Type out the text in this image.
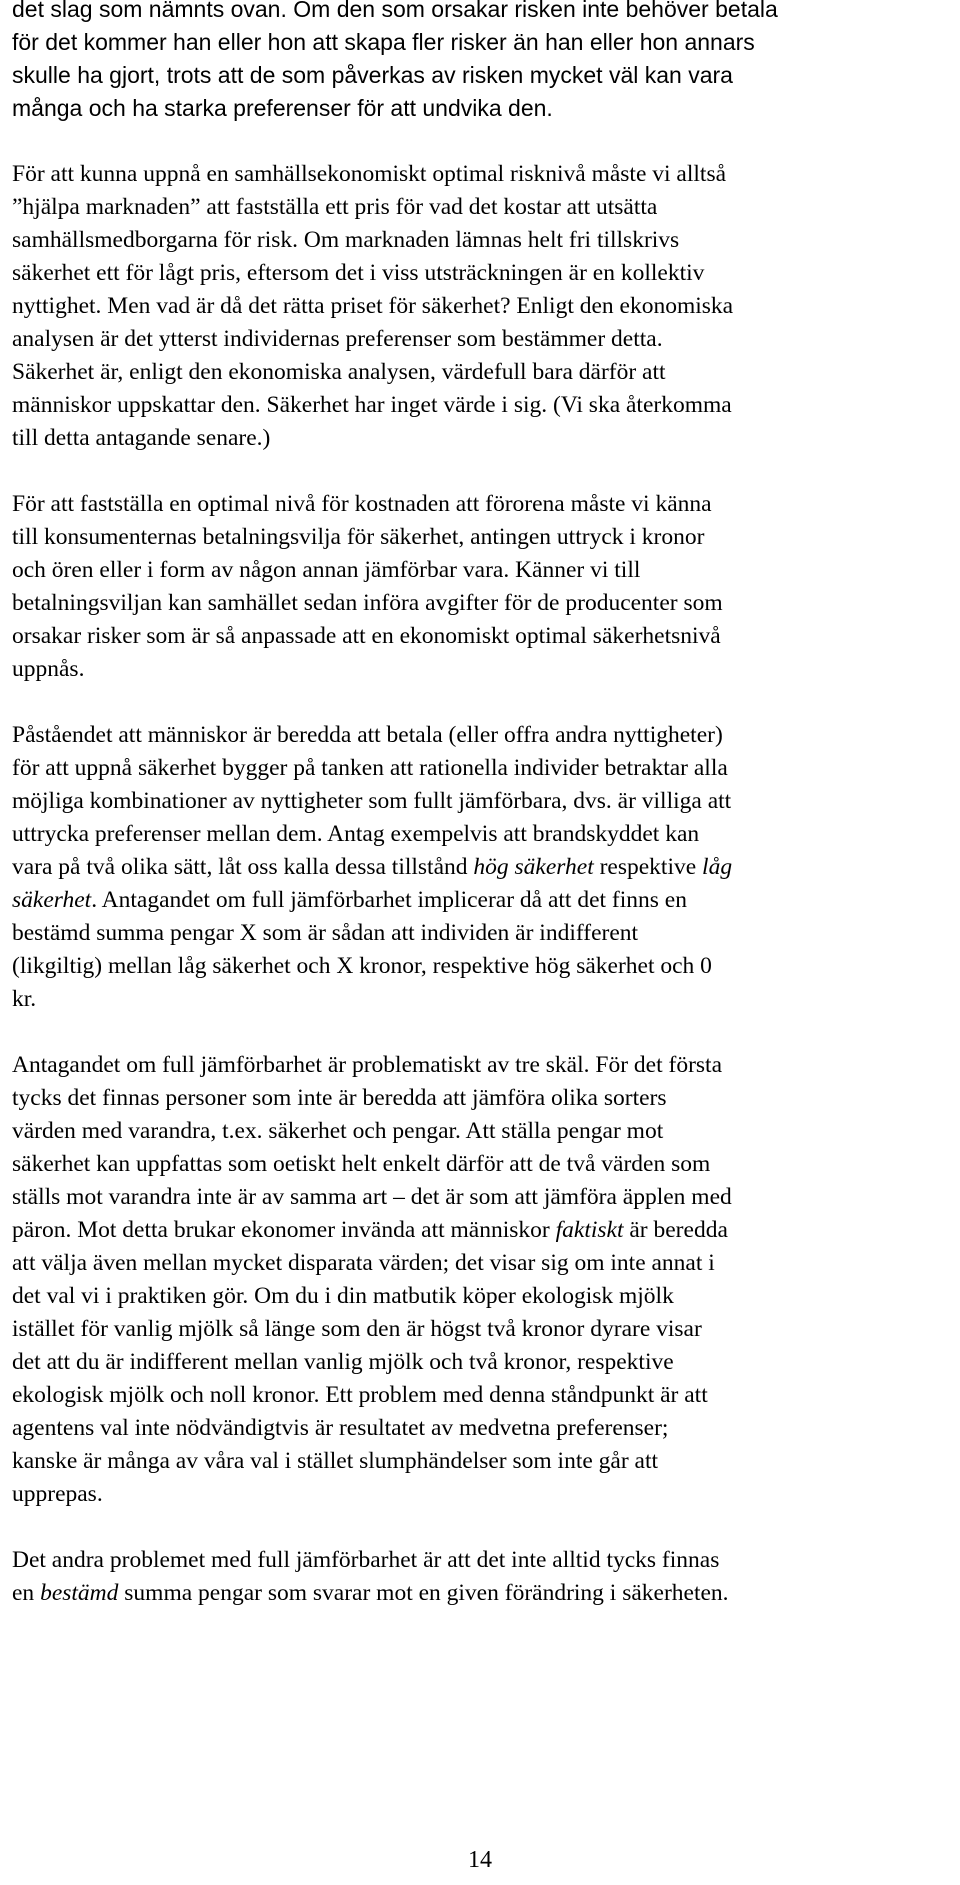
det slag som nämnts ovan. Om den som orsakar risken inte behöver betala
för det kommer han eller hon att skapa fler risker än han eller hon annars
skulle ha gjort, trots att de som påverkas av risken mycket väl kan vara
många och ha starka preferenser för att undvika den.

För att kunna uppnå en samhällsekonomiskt optimal risknivå måste vi alltså
”hjälpa marknaden” att fastställa ett pris för vad det kostar att utsätta
samhällsmedborgarna för risk. Om marknaden lämnas helt fri tillskrivs
säkerhet ett för lågt pris, eftersom det i viss utsträckningen är en kollektiv
nyttighet. Men vad är då det rätta priset för säkerhet? Enligt den ekonomiska
analysen är det ytterst individernas preferenser som bestämmer detta.
Säkerhet är, enligt den ekonomiska analysen, värdefull bara därför att
människor uppskattar den. Säkerhet har inget värde i sig. (Vi ska återkomma
till detta antagande senare.)

För att fastställa en optimal nivå för kostnaden att förorena måste vi känna
till konsumenternas betalningsvilja för säkerhet, antingen uttryck i kronor
och ören eller i form av någon annan jämförbar vara. Känner vi till
betalningsviljan kan samhället sedan införa avgifter för de producenter som
orsakar risker som är så anpassade att en ekonomiskt optimal säkerhetsnivå
uppnås.

Påståendet att människor är beredda att betala (eller offra andra nyttigheter)
för att uppnå säkerhet bygger på tanken att rationella individer betraktar alla
möjliga kombinationer av nyttigheter som fullt jämförbara, dvs. är villiga att
uttrycka preferenser mellan dem. Antag exempelvis att brandskyddet kan
vara på två olika sätt, låt oss kalla dessa tillstånd hög säkerhet respektive låg
säkerhet. Antagandet om full jämförbarhet implicerar då att det finns en
bestämd summa pengar X som är sådan att individen är indifferent
(likgiltig) mellan låg säkerhet och X kronor, respektive hög säkerhet och 0
kr.

Antagandet om full jämförbarhet är problematiskt av tre skäl. För det första
tycks det finnas personer som inte är beredda att jämföra olika sorters
värden med varandra, t.ex. säkerhet och pengar. Att ställa pengar mot
säkerhet kan uppfattas som oetiskt helt enkelt därför att de två värden som
ställs mot varandra inte är av samma art – det är som att jämföra äpplen med
päron. Mot detta brukar ekonomer invända att människor faktiskt är beredda
att välja även mellan mycket disparata värden; det visar sig om inte annat i
det val vi i praktiken gör. Om du i din matbutik köper ekologisk mjölk
istället för vanlig mjölk så länge som den är högst två kronor dyrare visar
det att du är indifferent mellan vanlig mjölk och två kronor, respektive
ekologisk mjölk och noll kronor. Ett problem med denna ståndpunkt är att
agentens val inte nödvändigtvis är resultatet av medvetna preferenser;
kanske är många av våra val i stället slumphändelser som inte går att
upprepas.

Det andra problemet med full jämförbarhet är att det inte alltid tycks finnas
en bestämd summa pengar som svarar mot en given förändring i säkerheten.

14
